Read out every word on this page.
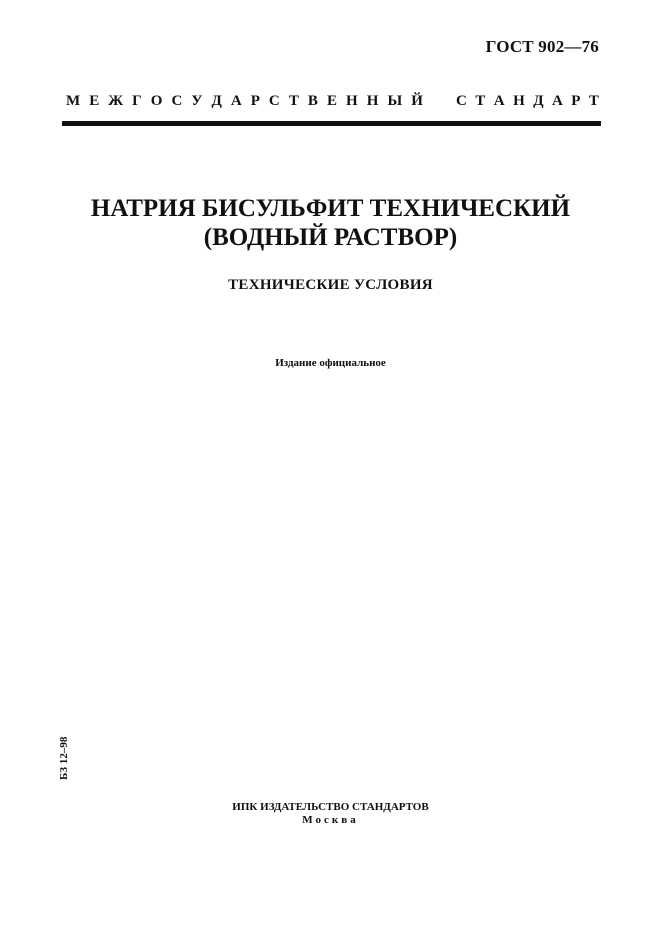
ГОСТ 902—76
М Е Ж Г О С У Д А Р С Т В Е Н Н Ы Й С Т А Н Д А Р Т
НАТРИЯ БИСУЛЬФИТ ТЕХНИЧЕСКИЙ
(ВОДНЫЙ РАСТВОР)
ТЕХНИЧЕСКИЕ УСЛОВИЯ
Издание официальное
БЗ 12–98
ИПК ИЗДАТЕЛЬСТВО СТАНДАРТОВ
Москва
